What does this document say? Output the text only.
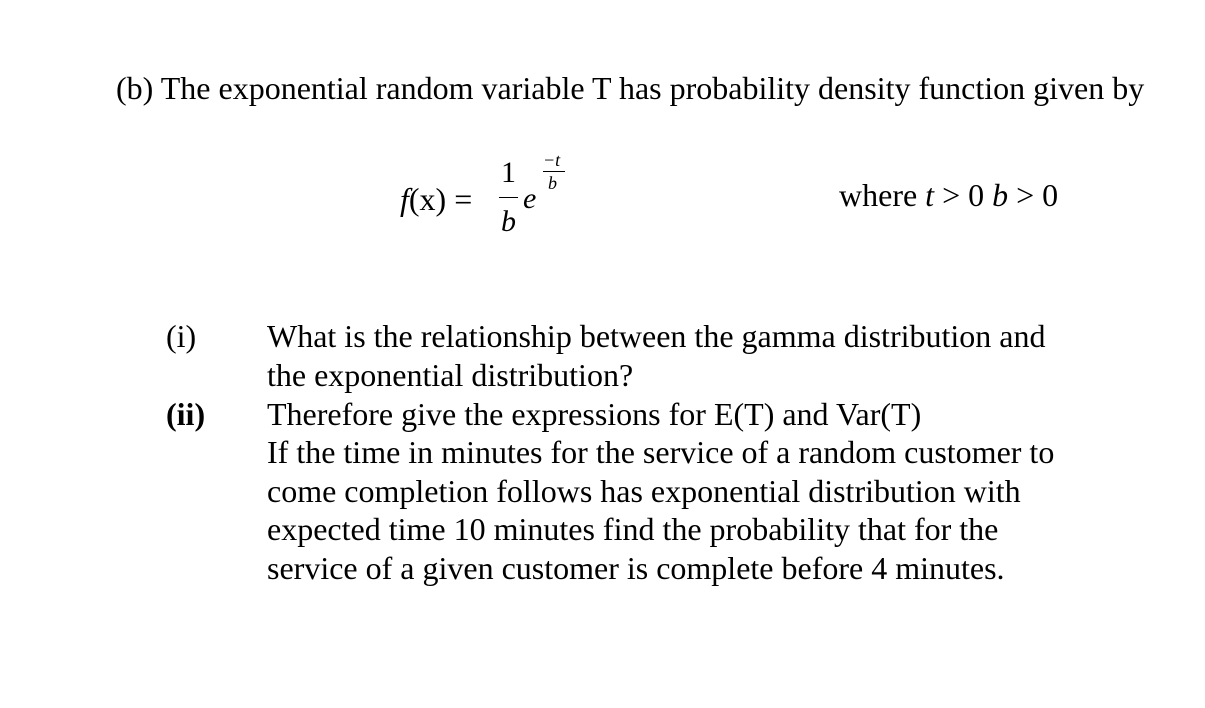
(b) The exponential random variable T has probability density function given by
f(x) =
1
b
e
−t
b	where t > 0 b > 0
(i)
(ii)
What is the relationship between the gamma distribution and
the exponential distribution?
Therefore give the expressions for E(T) and Var(T)
If the time in minutes for the service of a random customer to
come completion follows has exponential distribution with
expected time 10 minutes find the probability that for the
service of a given customer is complete before 4 minutes.
